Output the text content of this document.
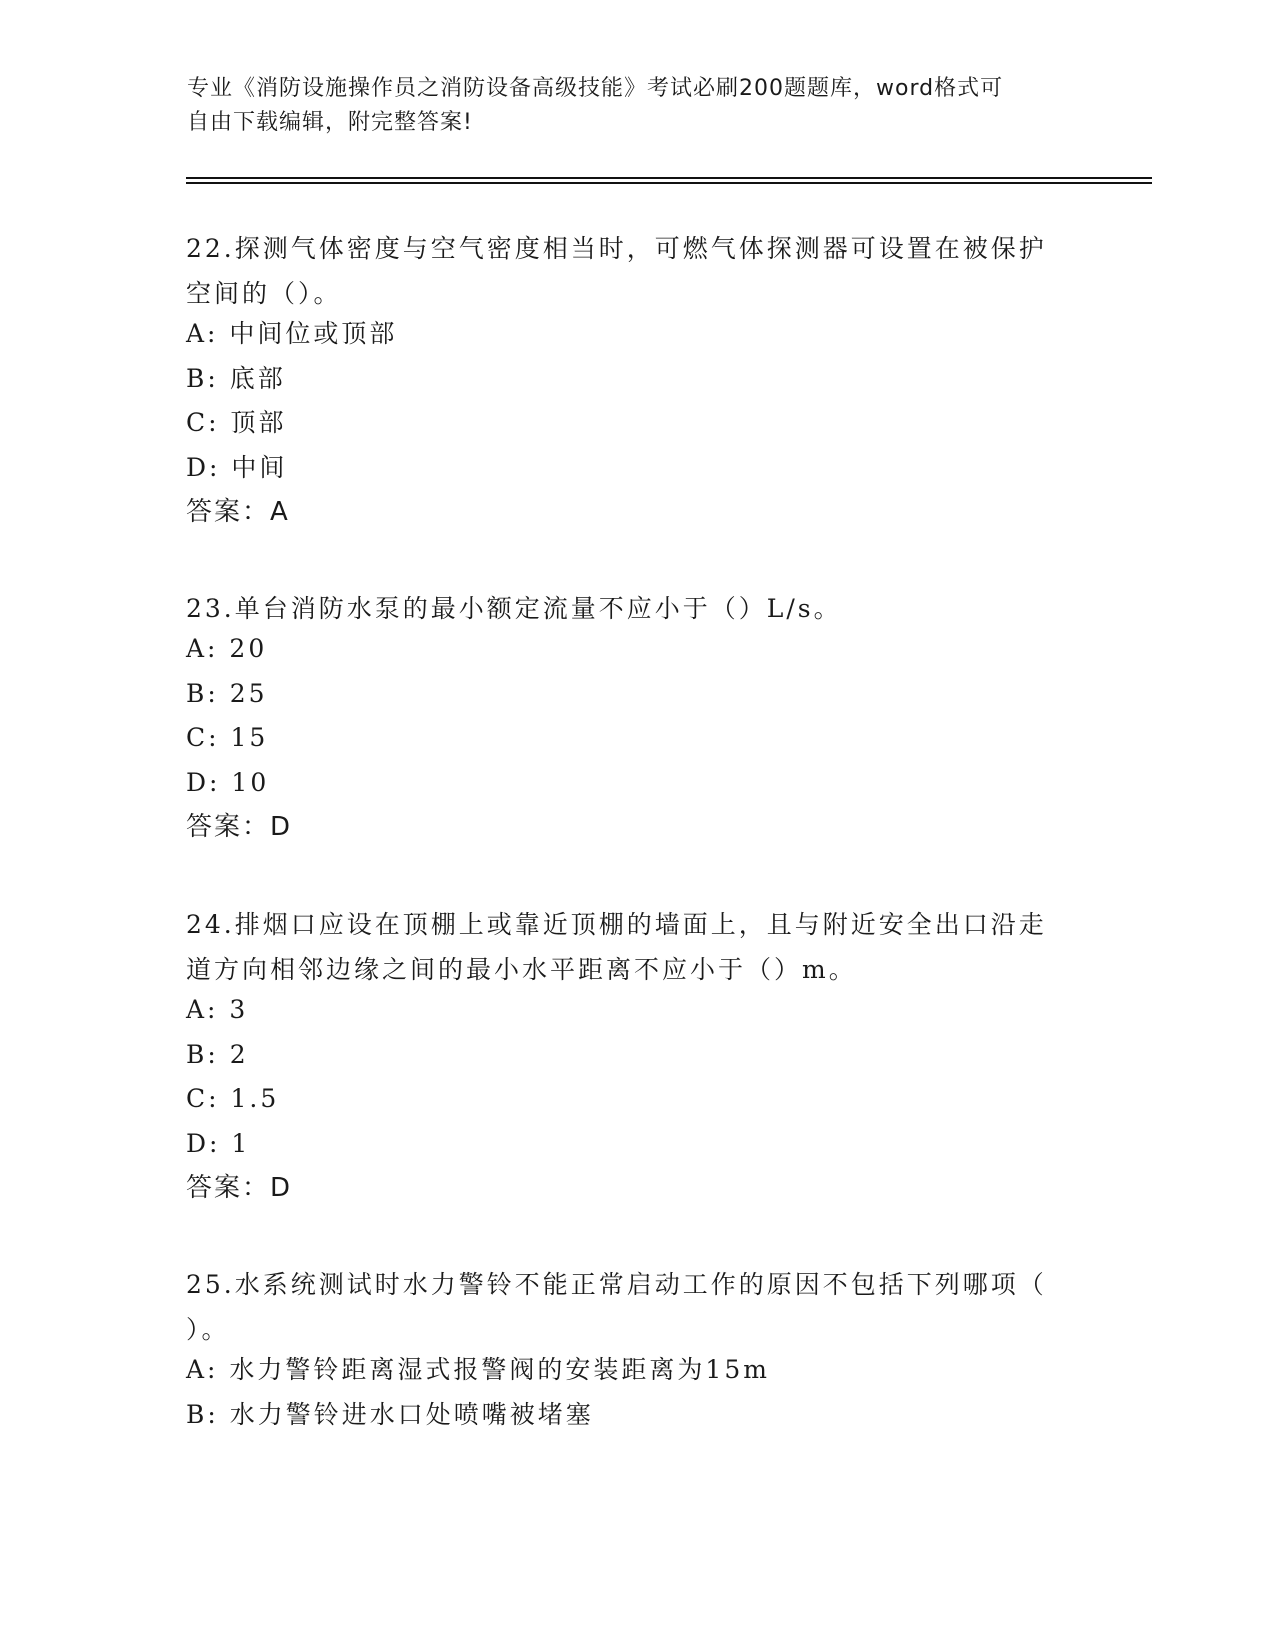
专业《消防设施操作员之消防设备高级技能》考试必刷200题题库，word格式可
自由下载编辑，附完整答案!
22.探测气体密度与空气密度相当时，可燃气体探测器可设置在被保护
空间的（）。
A: 中间位或顶部
B: 底部
C: 顶部
D: 中间
答案：A
23.单台消防水泵的最小额定流量不应小于（）L/s。
A: 20
B: 25
C: 15
D: 10
答案：D
24.排烟口应设在顶棚上或靠近顶棚的墙面上，且与附近安全出口沿走
道方向相邻边缘之间的最小水平距离不应小于（）m。
A: 3
B: 2
C: 1.5
D: 1
答案：D
25.水系统测试时水力警铃不能正常启动工作的原因不包括下列哪项（
）。
A: 水力警铃距离湿式报警阀的安装距离为15m
B: 水力警铃进水口处喷嘴被堵塞
